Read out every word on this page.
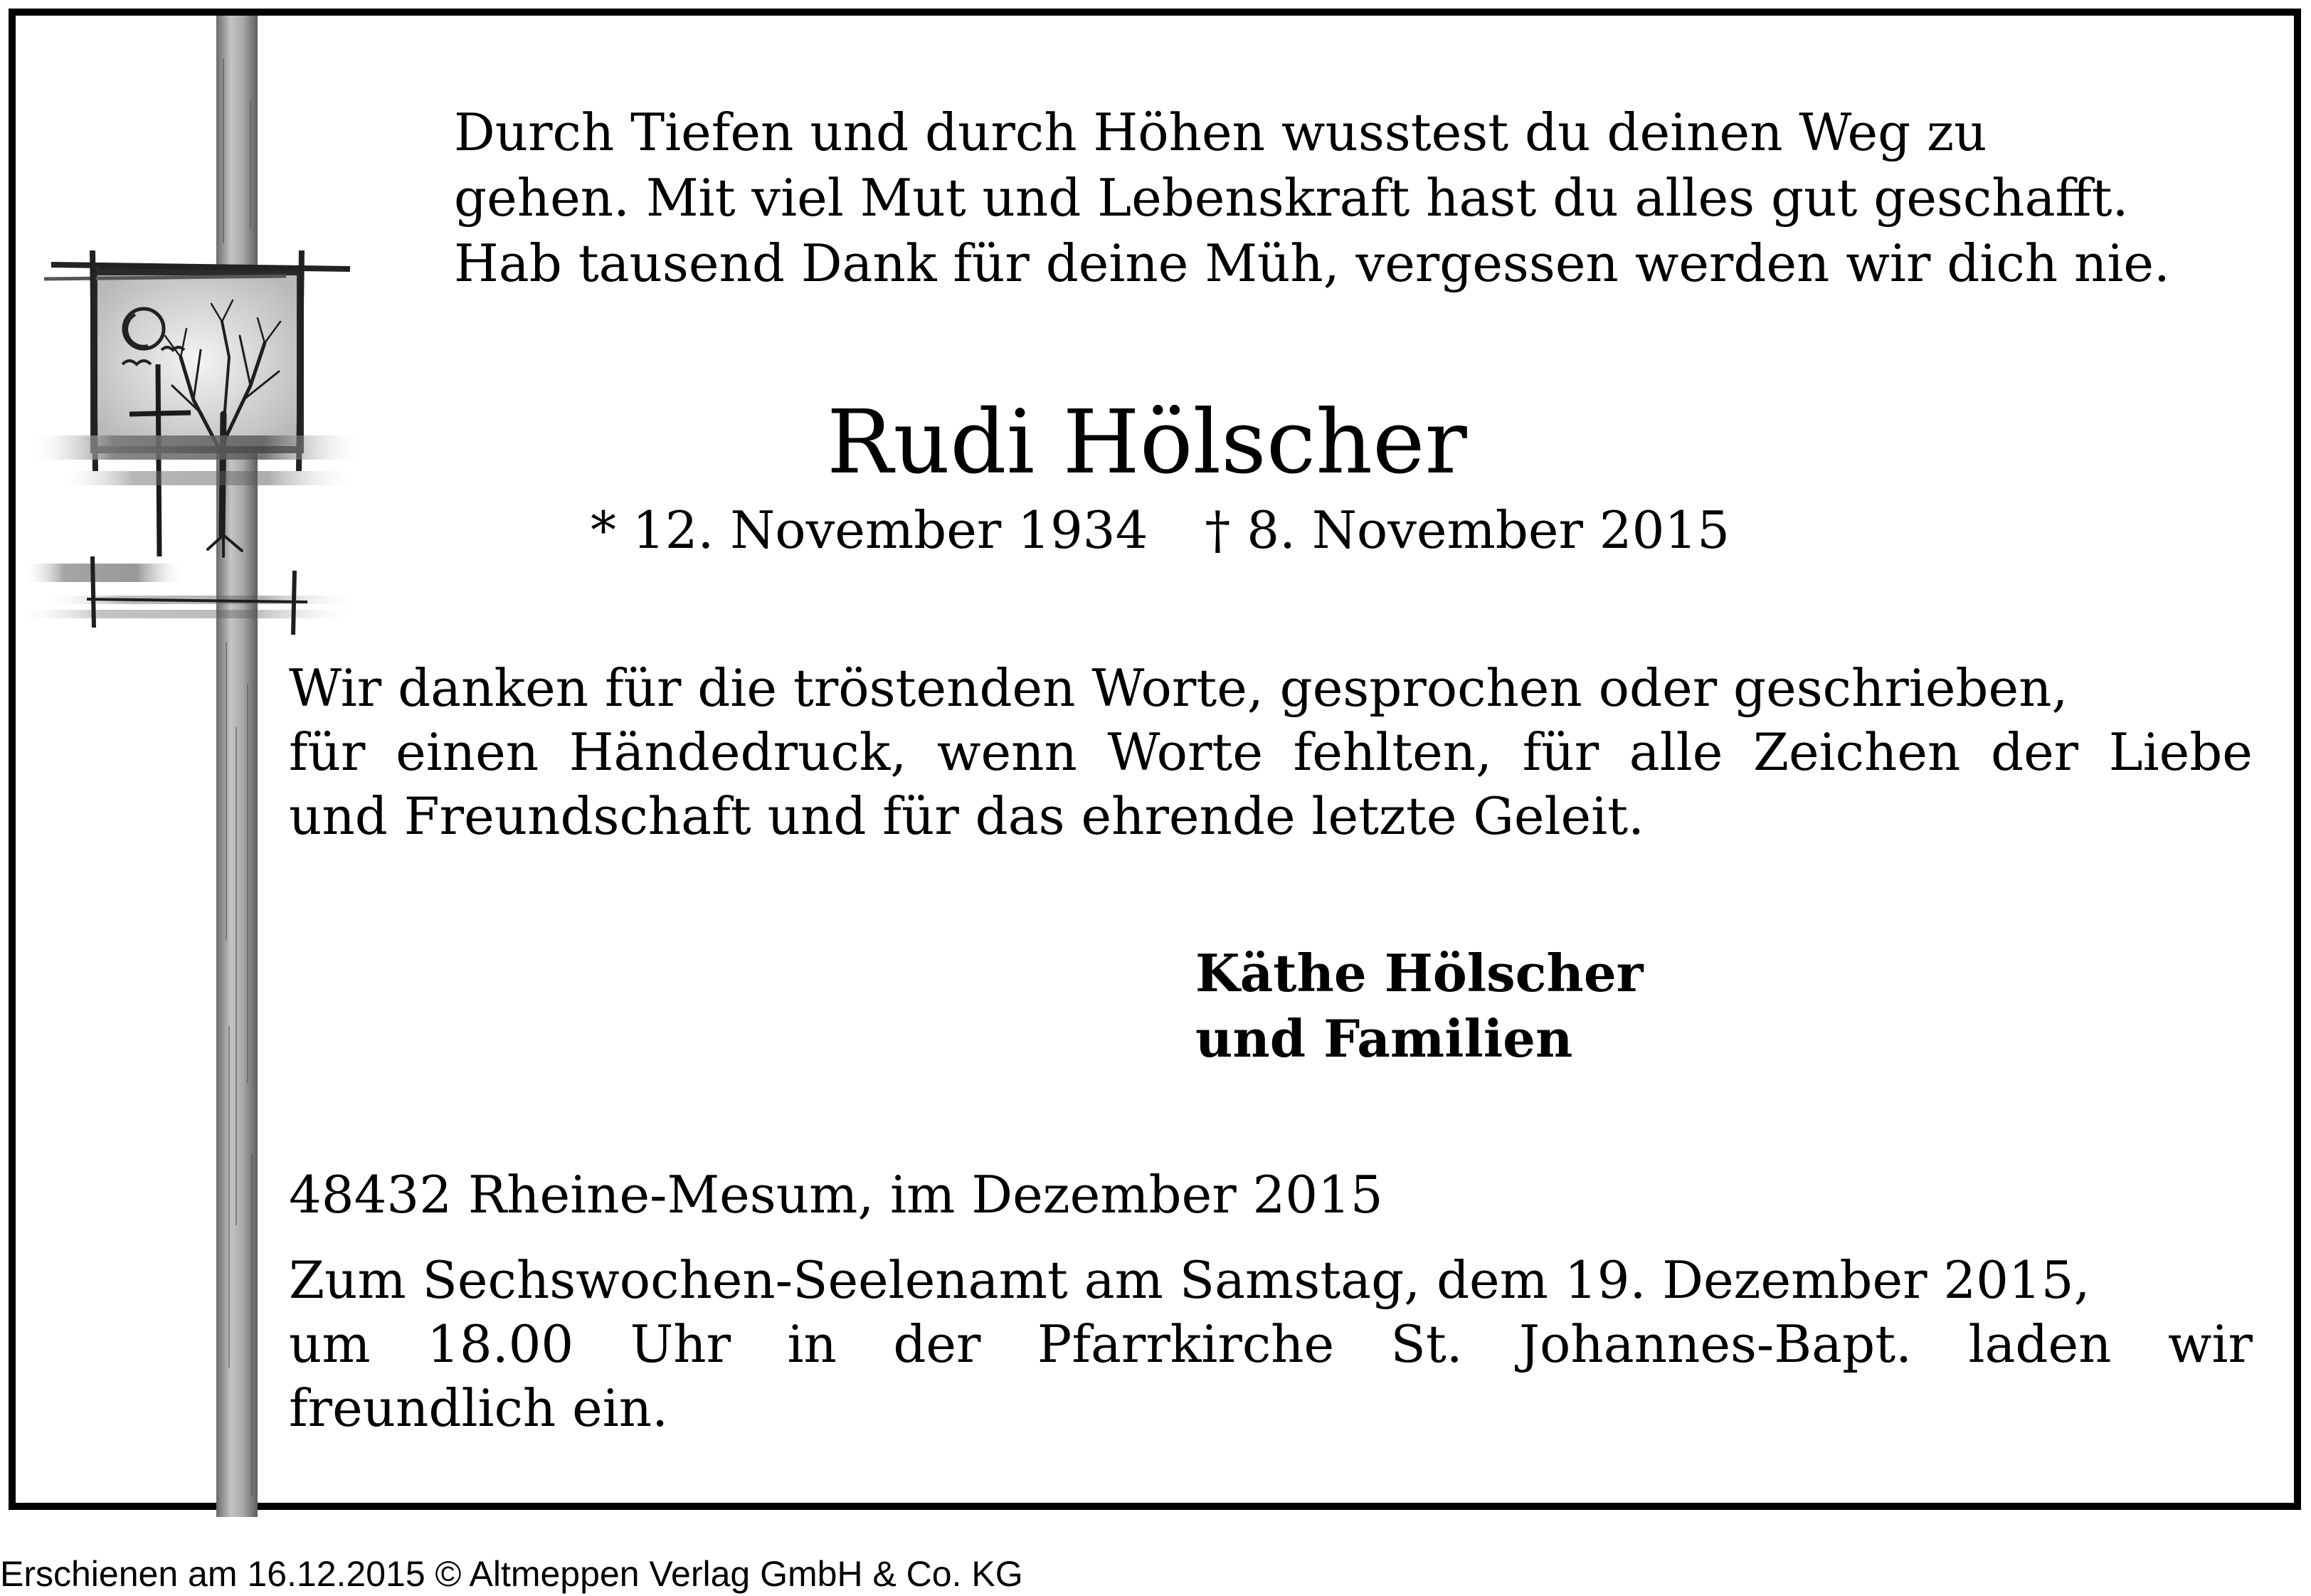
Durch Tiefen und durch Höhen wusstest du deinen Weg zu
gehen. Mit viel Mut und Lebenskraft hast du alles gut geschafft.
Hab tausend Dank für deine Müh, vergessen werden wir dich nie.
Rudi Hölscher
* 12. November 1934 † 8. November 2015
Wir danken für die tröstenden Worte, gesprochen oder geschrieben,
für einen Händedruck, wenn Worte fehlten, für alle Zeichen der Liebe
und Freundschaft und für das ehrende letzte Geleit.
Käthe Hölscher
und Familien
48432 Rheine-Mesum, im Dezember 2015
Zum Sechswochen-Seelenamt am Samstag, dem 19. Dezember 2015,
um 18.00 Uhr in der Pfarrkirche St. Johannes-Bapt. laden wir
freundlich ein.
Erschienen am 16.12.2015 © Altmeppen Verlag GmbH & Co. KG
